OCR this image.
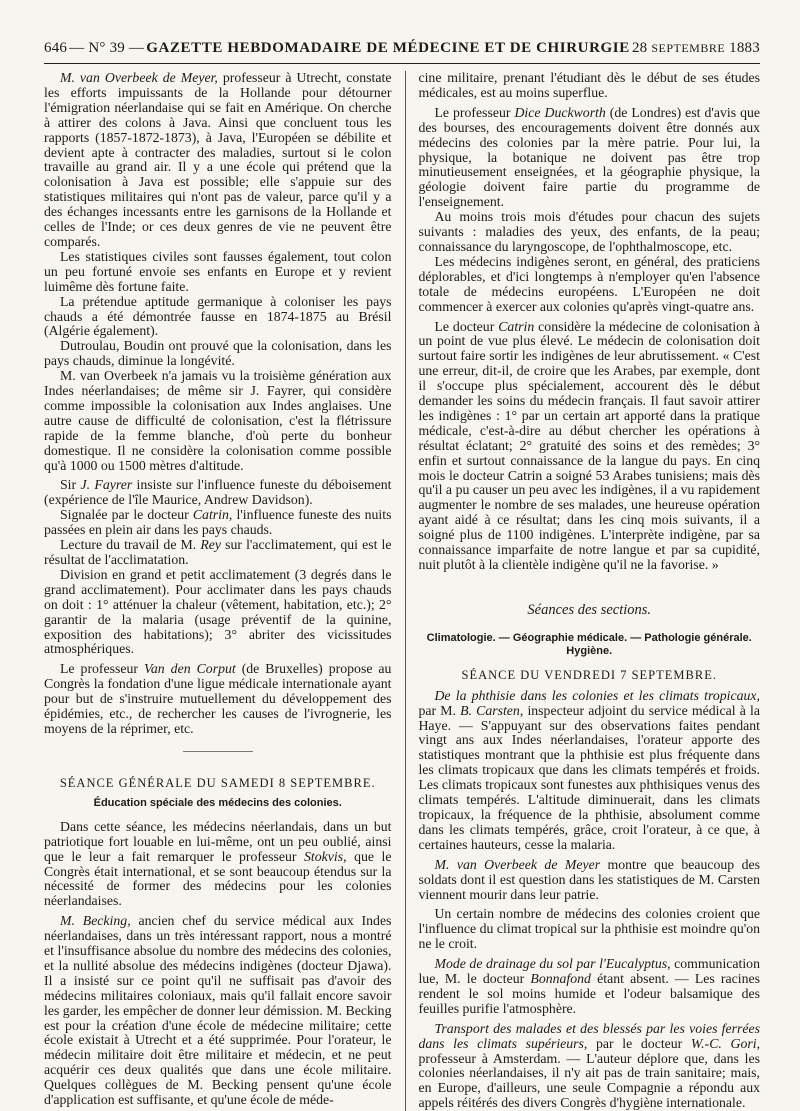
646 — N° 39 — GAZETTE HEBDOMADAIRE DE MÉDECINE ET DE CHIRURGIE 28 SEPTEMBRE 1883

M. van Overbeek de Meyer, professeur à Utrecht, constate les efforts impuissants de la Hollande pour détourner l'émigration néerlandaise qui se fait en Amérique. On cherche à attirer des colons à Java. Ainsi que concluent tous les rapports (1857-1872-1873), à Java, l'Européen se débilite et devient apte à contracter des maladies, surtout si le colon travaille au grand air. Il y a une école qui prétend que la colonisation à Java est possible; elle s'appuie sur des statistiques militaires qui n'ont pas de valeur, parce qu'il y a des échanges incessants entre les garnisons de la Hollande et celles de l'Inde; or ces deux genres de vie ne peuvent être comparés.

Les statistiques civiles sont fausses également, tout colon un peu fortuné envoie ses enfants en Europe et y revient luimême dès fortune faite.

La prétendue aptitude germanique à coloniser les pays chauds a été démontrée fausse en 1874-1875 au Brésil (Algérie également).

Dutroulau, Boudin ont prouvé que la colonisation, dans les pays chauds, diminue la longévité.

M. van Overbeek n'a jamais vu la troisième génération aux Indes néerlandaises; de même sir J. Fayrer, qui considère comme impossible la colonisation aux Indes anglaises. Une autre cause de difficulté de colonisation, c'est la flétrissure rapide de la femme blanche, d'où perte du bonheur domestique. Il ne considère la colonisation comme possible qu'à 1000 ou 1500 mètres d'altitude.

Sir J. Fayrer insiste sur l'influence funeste du déboisement (expérience de l'île Maurice, Andrew Davidson).

Signalée par le docteur Catrin, l'influence funeste des nuits passées en plein air dans les pays chauds.

Lecture du travail de M. Rey sur l'acclimatement, qui est le résultat de l'acclimatation.

Division en grand et petit acclimatement (3 degrés dans le grand acclimatement). Pour acclimater dans les pays chauds on doit : 1° atténuer la chaleur (vêtement, habitation, etc.); 2° garantir de la malaria (usage préventif de la quinine, exposition des habitations); 3° abriter des vicissitudes atmosphériques.

Le professeur Van den Corput (de Bruxelles) propose au Congrès la fondation d'une ligue médicale internationale ayant pour but de s'instruire mutuellement du développement des épidémies, etc., de rechercher les causes de l'ivrognerie, les moyens de la réprimer, etc.

SÉANCE GÉNÉRALE DU SAMEDI 8 SEPTEMBRE.

Éducation spéciale des médecins des colonies.

Dans cette séance, les médecins néerlandais, dans un but patriotique fort louable en lui-même, ont un peu oublié, ainsi que le leur a fait remarquer le professeur Stokvis, que le Congrès était international, et se sont beaucoup étendus sur la nécessité de former des médecins pour les colonies néerlandaises.

M. Becking, ancien chef du service médical aux Indes néerlandaises, dans un très intéressant rapport, nous a montré et l'insuffisance absolue du nombre des médecins des colonies, et la nullité absolue des médecins indigènes (docteur Djawa). Il a insisté sur ce point qu'il ne suffisait pas d'avoir des médecins militaires coloniaux, mais qu'il fallait encore savoir les garder, les empêcher de donner leur démission. M. Becking est pour la création d'une école de médecine militaire; cette école existait à Utrecht et a été supprimée. Pour l'orateur, le médecin militaire doit être militaire et médecin, et ne peut acquérir ces deux qualités que dans une école militaire. Quelques collègues de M. Becking pensent qu'une école d'application est suffisante, et qu'une école de méde-

cine militaire, prenant l'étudiant dès le début de ses études médicales, est au moins superflue.

Le professeur Dice Duckworth (de Londres) est d'avis que des bourses, des encouragements doivent être donnés aux médecins des colonies par la mère patrie. Pour lui, la physique, la botanique ne doivent pas être trop minutieusement enseignées, et la géographie physique, la géologie doivent faire partie du programme de l'enseignement.

Au moins trois mois d'études pour chacun des sujets suivants : maladies des yeux, des enfants, de la peau; connaissance du laryngoscope, de l'ophthalmoscope, etc.

Les médecins indigènes seront, en général, des praticiens déplorables, et d'ici longtemps à n'employer qu'en l'absence totale de médecins européens. L'Européen ne doit commencer à exercer aux colonies qu'après vingt-quatre ans.

Le docteur Catrin considère la médecine de colonisation à un point de vue plus élevé. Le médecin de colonisation doit surtout faire sortir les indigènes de leur abrutissement. « C'est une erreur, dit-il, de croire que les Arabes, par exemple, dont il s'occupe plus spécialement, accourent dès le début demander les soins du médecin français. Il faut savoir attirer les indigènes : 1° par un certain art apporté dans la pratique médicale, c'est-à-dire au début chercher les opérations à résultat éclatant; 2° gratuité des soins et des remèdes; 3° enfin et surtout connaissance de la langue du pays. En cinq mois le docteur Catrin a soigné 53 Arabes tunisiens; mais dès qu'il a pu causer un peu avec les indigènes, il a vu rapidement augmenter le nombre de ses malades, une heureuse opération ayant aidé à ce résultat; dans les cinq mois suivants, il a soigné plus de 1100 indigènes. L'interprète indigène, par sa connaissance imparfaite de notre langue et par sa cupidité, nuit plutôt à la clientèle indigène qu'il ne la favorise. »

Séances des sections.

Climatologie. — Géographie médicale. — Pathologie générale. Hygiène.

SÉANCE DU VENDREDI 7 SEPTEMBRE.

De la phthisie dans les colonies et les climats tropicaux, par M. B. Carsten, inspecteur adjoint du service médical à la Haye. — S'appuyant sur des observations faites pendant vingt ans aux Indes néerlandaises, l'orateur apporte des statistiques montrant que la phthisie est plus fréquente dans les climats tropicaux que dans les climats tempérés et froids. Les climats tropicaux sont funestes aux phthisiques venus des climats tempérés. L'altitude diminuerait, dans les climats tropicaux, la fréquence de la phthisie, absolument comme dans les climats tempérés, grâce, croit l'orateur, à ce que, à certaines hauteurs, cesse la malaria.

M. van Overbeek de Meyer montre que beaucoup des soldats dont il est question dans les statistiques de M. Carsten viennent mourir dans leur patrie.

Un certain nombre de médecins des colonies croient que l'influence du climat tropical sur la phthisie est moindre qu'on ne le croit.

Mode de drainage du sol par l'Eucalyptus, communication lue, M. le docteur Bonnafond étant absent. — Les racines rendent le sol moins humide et l'odeur balsamique des feuilles purifie l'atmosphère.

Transport des malades et des blessés par les voies ferrées dans les climats supérieurs, par le docteur W.-C. Gori, professeur à Amsterdam. — L'auteur déplore que, dans les colonies néerlandaises, il n'y ait pas de train sanitaire; mais, en Europe, d'ailleurs, une seule Compagnie a répondu aux appels réitérés des divers Congrès d'hygiène internationale.
